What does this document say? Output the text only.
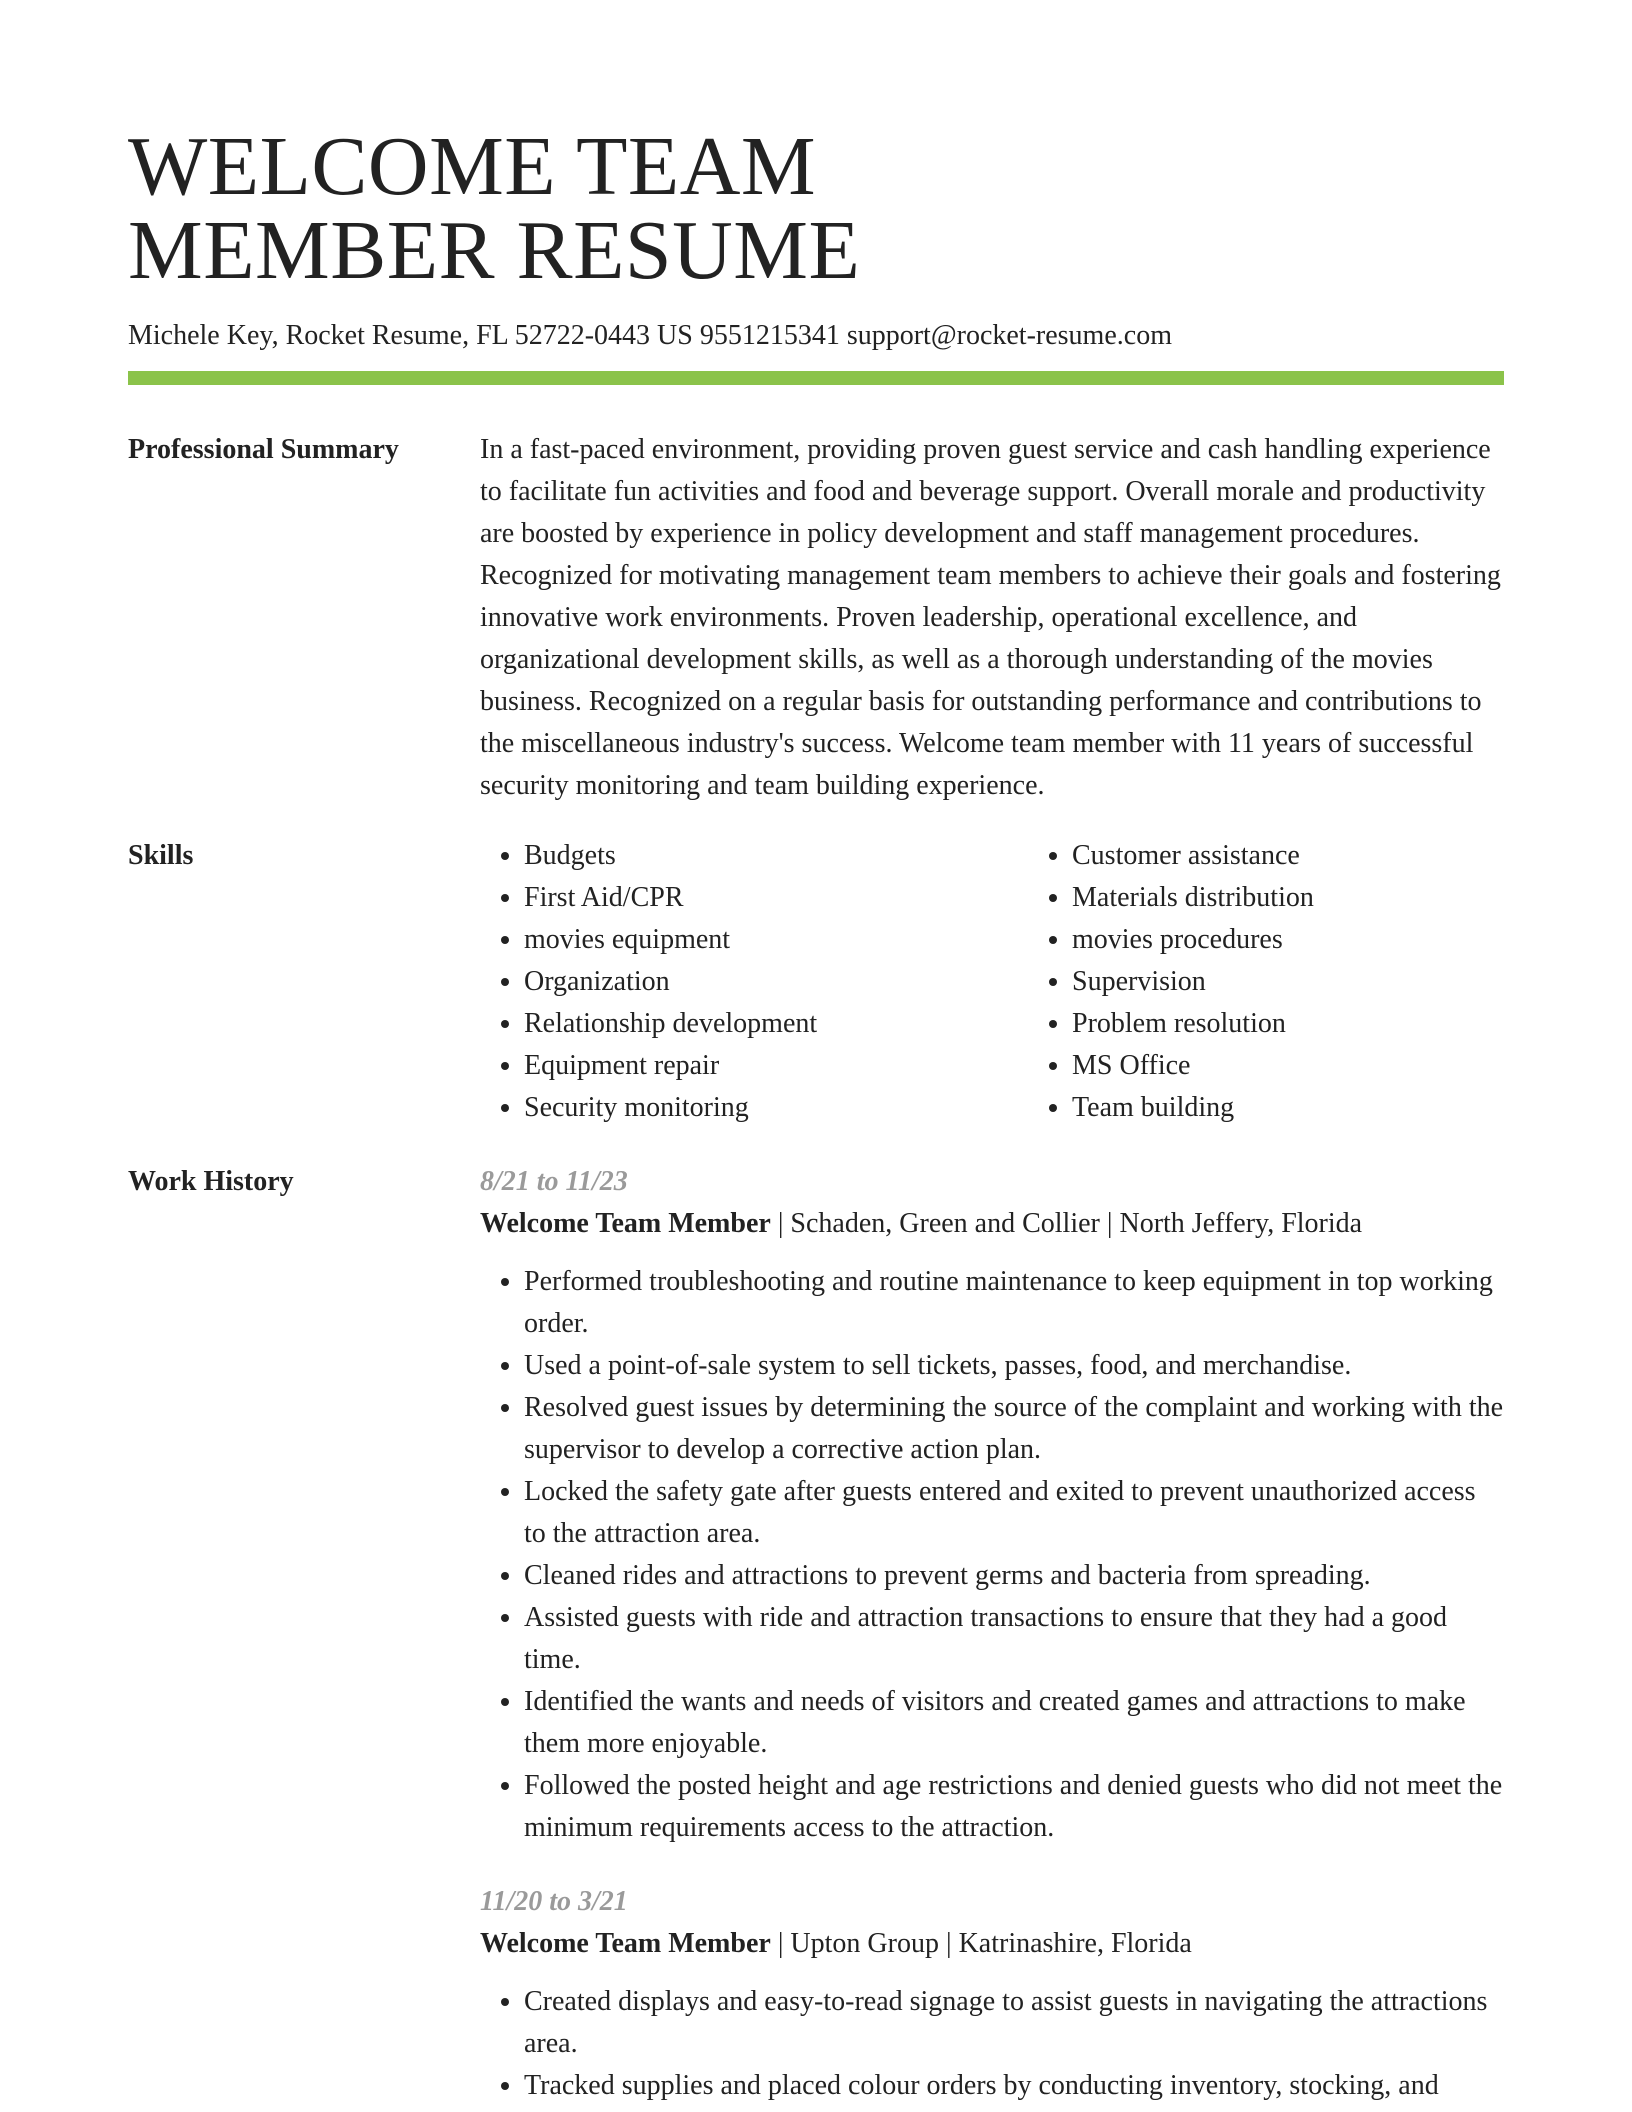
WELCOME TEAM
MEMBER RESUME
Michele Key, Rocket Resume, FL 52722-0443 US 9551215341 support@rocket-resume.com
Professional Summary	In a fast-paced environment, providing proven guest service and cash handling experience to facilitate fun activities and food and beverage support. Overall morale and productivity are boosted by experience in policy development and staff management procedures. Recognized for motivating management team members to achieve their goals and fostering innovative work environments. Proven leadership, operational excellence, and organizational development skills, as well as a thorough understanding of the movies business. Recognized on a regular basis for outstanding performance and contributions to the miscellaneous industry's success. Welcome team member with 11 years of successful security monitoring and team building experience.
Skills
•	Budgets
• First Aid/CPR
• movies equipment
• Organization
• Relationship development
• Equipment repair
• Security monitoring
• Customer assistance
• Materials distribution
• movies procedures
• Supervision
• Problem resolution
• MS Office
• Team building
Work History	8/21 to 11/23
Welcome Team Member | Schaden, Green and Collier | North Jeffery, Florida
• Performed troubleshooting and routine maintenance to keep equipment in top working order.
• Used a point-of-sale system to sell tickets, passes, food, and merchandise.
• Resolved guest issues by determining the source of the complaint and working with the supervisor to develop a corrective action plan.
• Locked the safety gate after guests entered and exited to prevent unauthorized access to the attraction area.
• Cleaned rides and attractions to prevent germs and bacteria from spreading.
• Assisted guests with ride and attraction transactions to ensure that they had a good time.
• Identified the wants and needs of visitors and created games and attractions to make them more enjoyable.
• Followed the posted height and age restrictions and denied guests who did not meet the minimum requirements access to the attraction.
11/20 to 3/21
Welcome Team Member | Upton Group | Katrinashire, Florida
• Created displays and easy-to-read signage to assist guests in navigating the attractions area.
• Tracked supplies and placed colour orders by conducting inventory, stocking, and
